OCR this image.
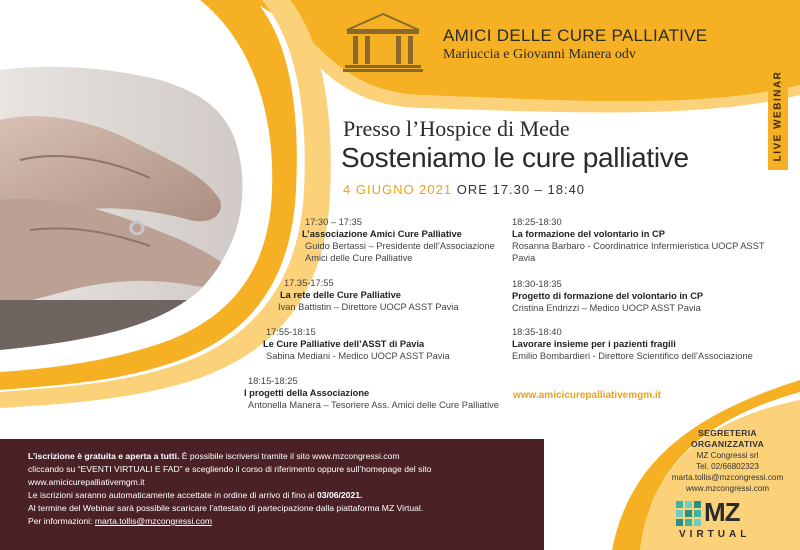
AMICI DELLE CURE PALLIATIVE
Mariuccia e Giovanni Manera odv
LIVE WEBINAR
Presso l’Hospice di Mede
Sosteniamo le cure palliative
4 GIUGNO 2021 ORE 17.30 – 18:40
17:30 – 17:35
L’associazione Amici Cure Palliative
Guido Bertassi – Presidente dell’Associazione
Amici delle Cure Palliative
17.35-17:55
La rete delle Cure Palliative
Ivan Battistin – Direttore UOCP ASST Pavia
17:55-18:15
Le Cure Palliative dell’ASST di Pavia
Sabina Mediani - Medico UOCP ASST Pavia
18:15-18:25
I progetti della Associazione
Antonella Manera – Tesoriere Ass. Amici delle Cure Palliative
18:25-18:30
La formazione del volontario in CP
Rosanna Barbaro - Coordinatrice Infermieristica UOCP ASST
Pavia
18:30-18:35
Progetto di formazione del volontario in CP
Cristina Endrizzi – Medico UOCP ASST Pavia
18:35-18:40
Lavorare insieme per i pazienti fragili
Emilio Bombardieri - Direttore Scientifico dell’Associazione
www.amicicurepalliativemgm.it

L’iscrizione è gratuita e aperta a tutti. È possibile iscriversi tramite il sito www.mzcongressi.com

cliccando su “EVENTI VIRTUALI E FAD” e scegliendo il corso di riferimento oppure sull’homepage del sito

www.amicicurepalliativemgm.it

Le iscrizioni saranno automaticamente accettate in ordine di arrivo di fino al 03/06/2021.

Al termine del Webinar sarà possibile scaricare l’attestato di partecipazione dalla piattaforma MZ Virtual.

Per informazioni: marta.tollis@mzcongressi.com

SEGRETERIA
ORGANIZZATIVA
MZ Congressi srl
Tel. 02/66802323
marta.tollis@mzcongressi.com
www.mzcongressi.com
MZ
VIRTUAL
